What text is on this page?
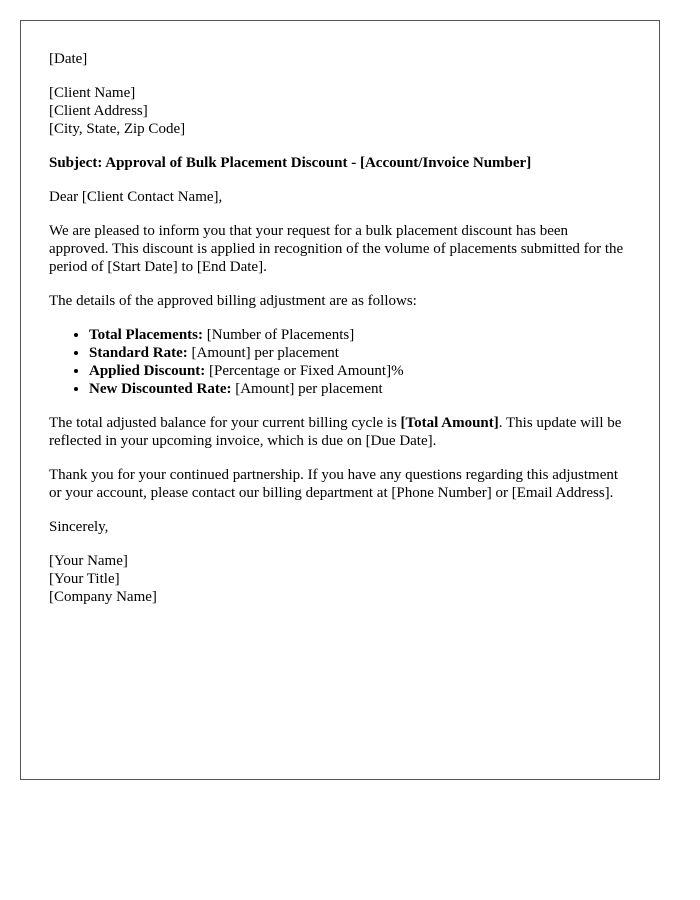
[Date]

[Client Name]
[Client Address]
[City, State, Zip Code]

Subject: Approval of Bulk Placement Discount - [Account/Invoice Number]

Dear [Client Contact Name],

We are pleased to inform you that your request for a bulk placement discount has been approved. This discount is applied in recognition of the volume of placements submitted for the period of [Start Date] to [End Date].

The details of the approved billing adjustment are as follows:

• Total Placements: [Number of Placements]
• Standard Rate: [Amount] per placement
• Applied Discount: [Percentage or Fixed Amount]%
• New Discounted Rate: [Amount] per placement

The total adjusted balance for your current billing cycle is [Total Amount]. This update will be reflected in your upcoming invoice, which is due on [Due Date].

Thank you for your continued partnership. If you have any questions regarding this adjustment or your account, please contact our billing department at [Phone Number] or [Email Address].

Sincerely,

[Your Name]
[Your Title]
[Company Name]
